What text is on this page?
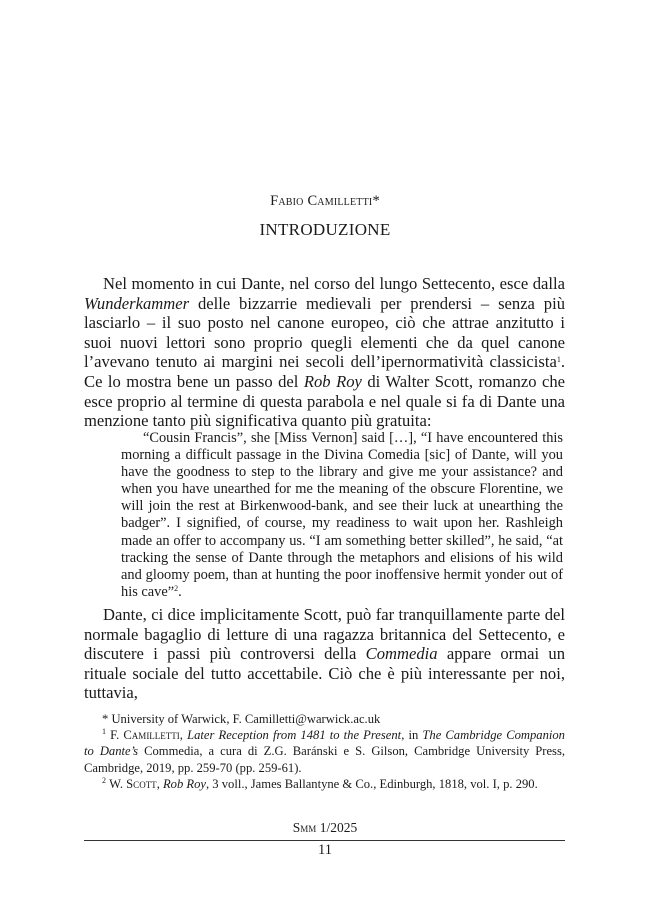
Fabio Camilletti*
INTRODUZIONE

Nel momento in cui Dante, nel corso del lungo Settecento, esce dalla Wunderkammer delle bizzarrie medievali per prendersi – senza più lasciarlo – il suo posto nel canone europeo, ciò che attrae anzitutto i suoi nuovi lettori sono proprio quegli elementi che da quel canone l’avevano tenuto ai margini nei secoli dell’ipernormatività classicista$^1$. Ce lo mostra bene un passo del Rob Roy di Walter Scott, romanzo che esce proprio al termine di questa parabola e nel quale si fa di Dante una menzione tanto più significativa quanto più gratuita:

“Cousin Francis”, she [Miss Vernon] said […], “I have encountered this morning a difficult passage in the Divina Comedia [sic] of Dante, will you have the goodness to step to the library and give me your assistance? and when you have unearthed for me the meaning of the obscure Florentine, we will join the rest at Birkenwood-bank, and see their luck at unearthing the badger”. I signified, of course, my readiness to wait upon her. Rashleigh made an offer to accompany us. “I am something better skilled”, he said, “at tracking the sense of Dante through the metaphors and elisions of his wild and gloomy poem, than at hunting the poor inoffensive hermit yonder out of his cave”$^2$.

Dante, ci dice implicitamente Scott, può far tranquillamente parte del normale bagaglio di letture di una ragazza britannica del Settecento, e discutere i passi più controversi della Commedia appare ormai un rituale sociale del tutto accettabile. Ciò che è più interessante per noi, tuttavia,

* University of Warwick, F. Camilletti@warwick.ac.uk

$^1$ F. Camilletti, Later Reception from 1481 to the Present, in The Cambridge Companion to Dante’s Commedia, a cura di Z.G. Baránski e S. Gilson, Cambridge University Press, Cambridge, 2019, pp. 259-70 (pp. 259-61).

$^2$ W. Scott, Rob Roy, 3 voll., James Ballantyne & Co., Edinburgh, 1818, vol. I, p. 290.

Smm 1/2025
11
